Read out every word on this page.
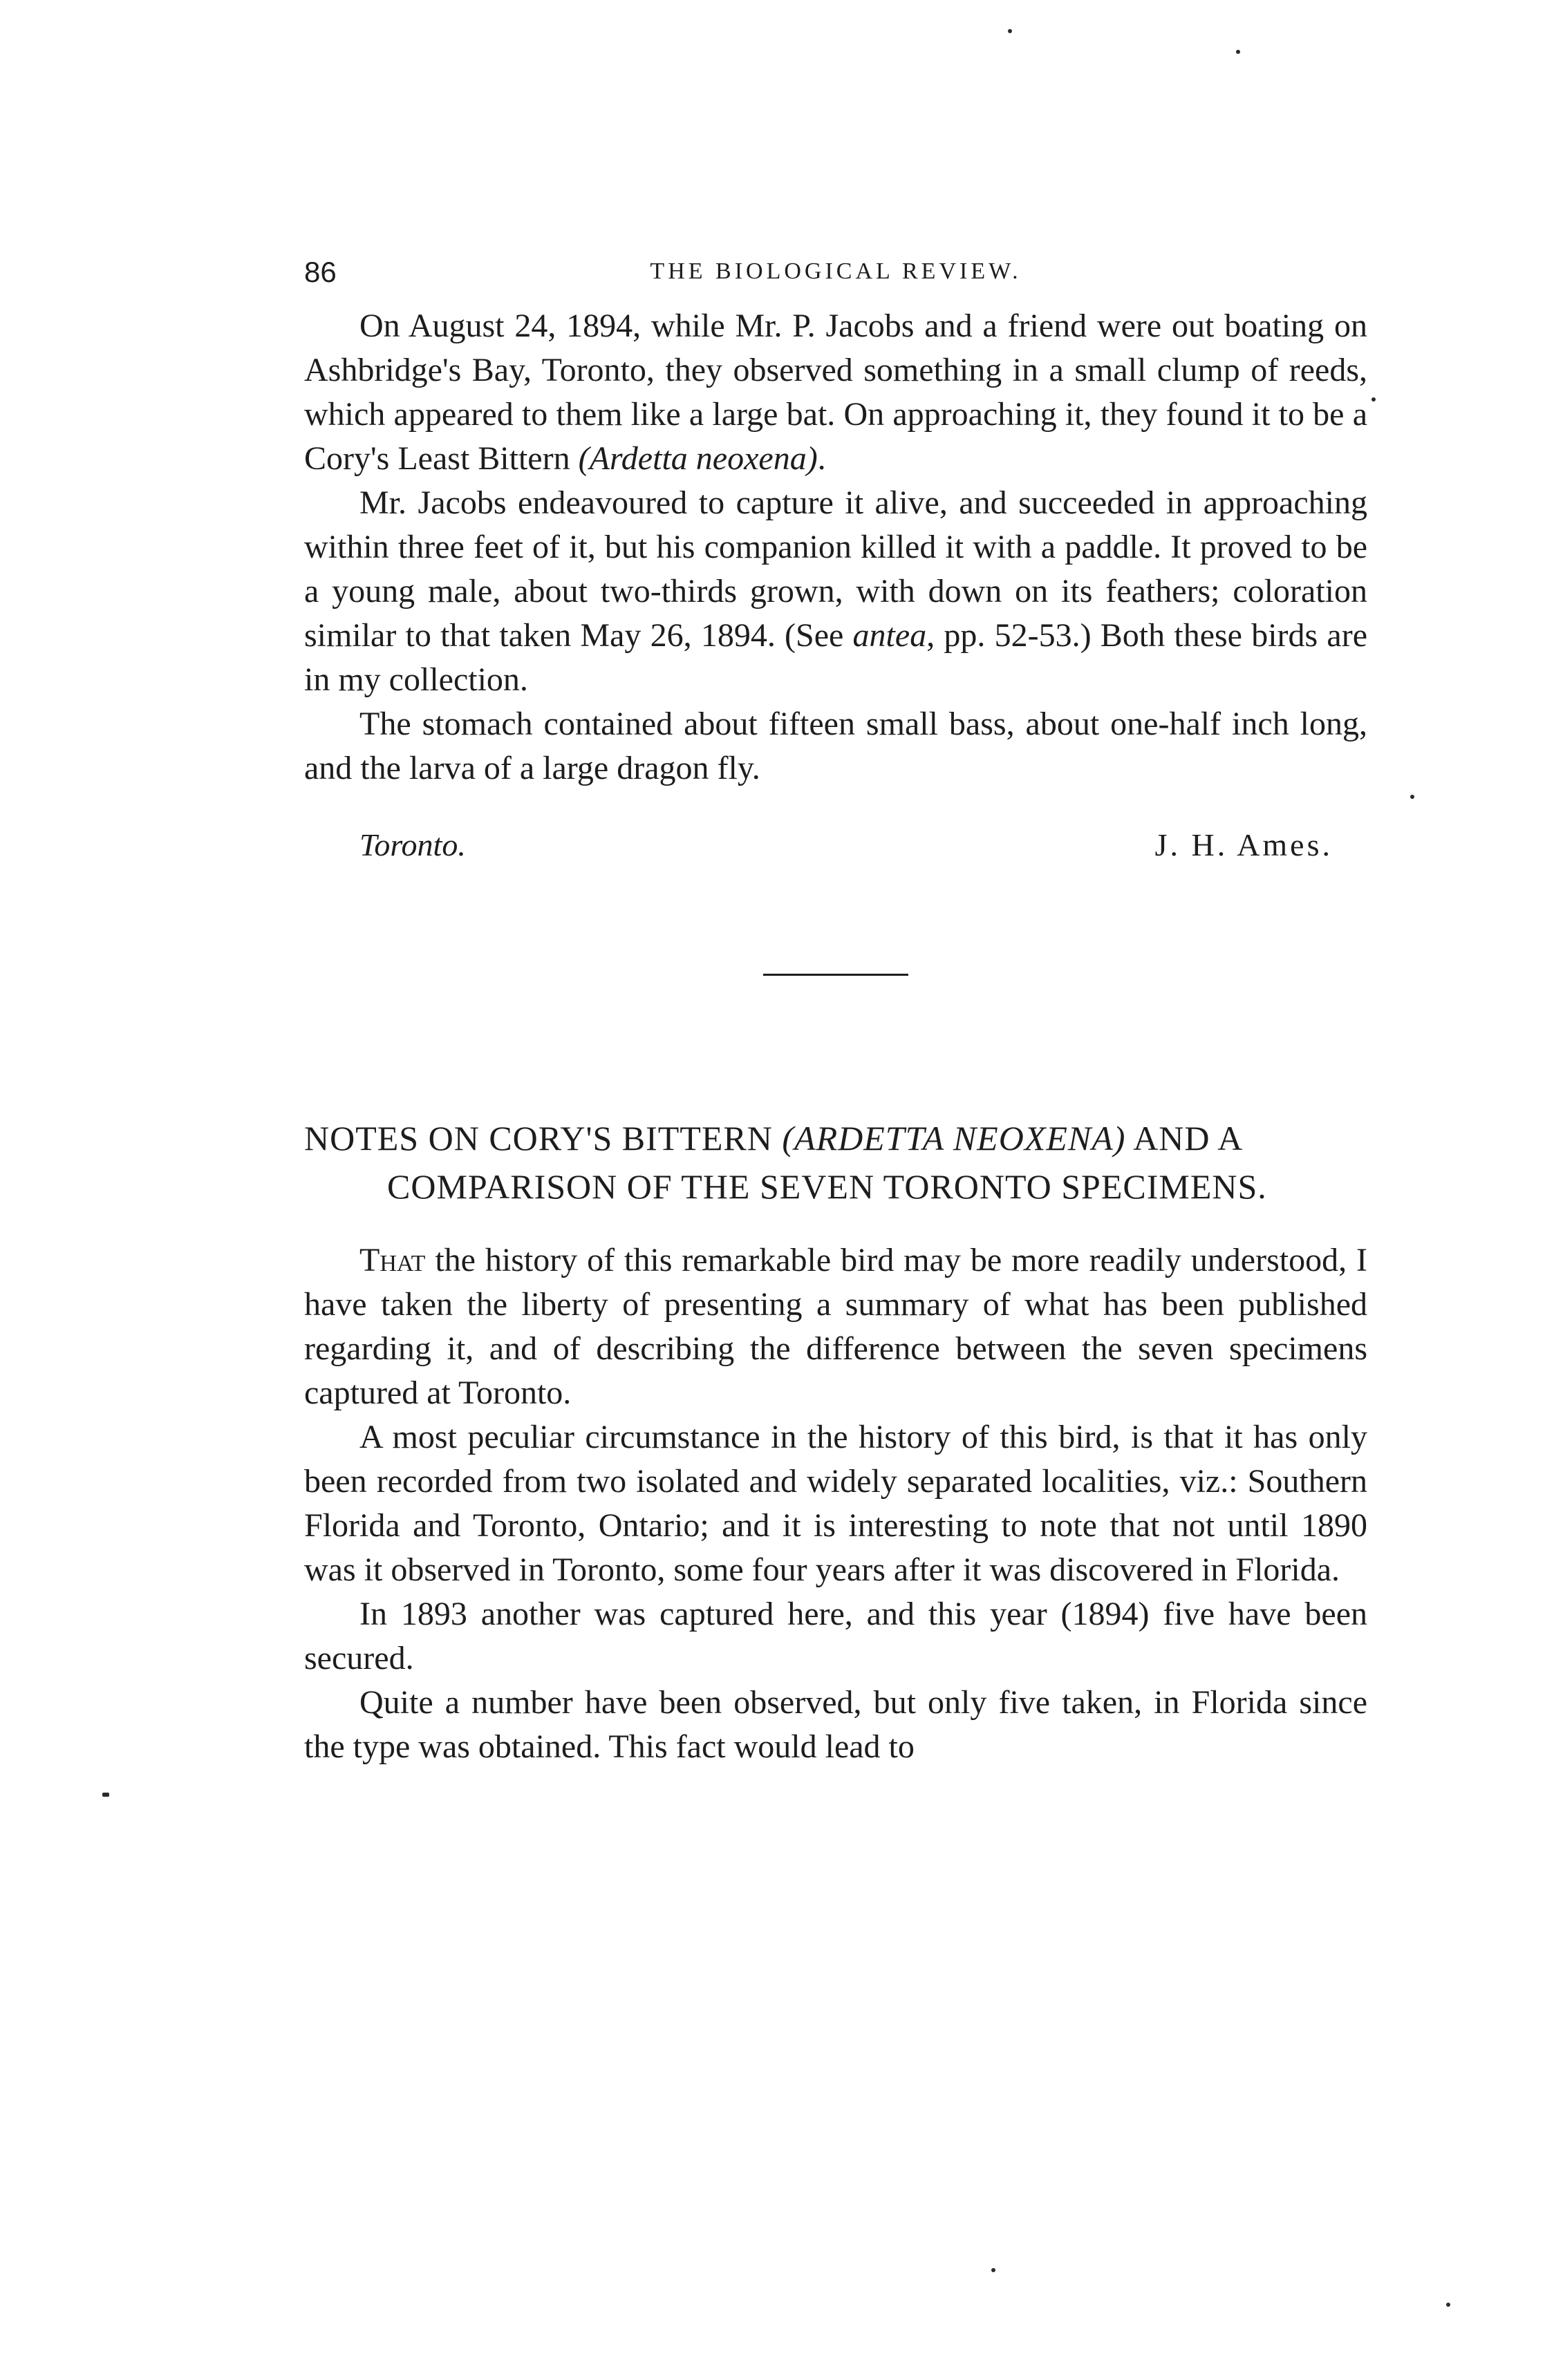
86	THE BIOLOGICAL REVIEW.

On August 24, 1894, while Mr. P. Jacobs and a friend were out boating on Ashbridge's Bay, Toronto, they observed something in a small clump of reeds, which appeared to them like a large bat. On approaching it, they found it to be a Cory's Least Bittern (Ardetta neoxena).

Mr. Jacobs endeavoured to capture it alive, and succeeded in approaching within three feet of it, but his companion killed it with a paddle. It proved to be a young male, about two-thirds grown, with down on its feathers; coloration similar to that taken May 26, 1894. (See antea, pp. 52-53.) Both these birds are in my collection.

The stomach contained about fifteen small bass, about one-half inch long, and the larva of a large dragon fly.

Toronto.	J. H. Ames.
NOTES ON CORY'S BITTERN (ARDETTA NEOXENA) AND A COMPARISON OF THE SEVEN TORONTO SPECIMENS.

That the history of this remarkable bird may be more readily understood, I have taken the liberty of presenting a summary of what has been published regarding it, and of describing the difference between the seven specimens captured at Toronto.

A most peculiar circumstance in the history of this bird, is that it has only been recorded from two isolated and widely separated localities, viz.: Southern Florida and Toronto, Ontario; and it is interesting to note that not until 1890 was it observed in Toronto, some four years after it was discovered in Florida.

In 1893 another was captured here, and this year (1894) five have been secured.

Quite a number have been observed, but only five taken, in Florida since the type was obtained. This fact would lead to
